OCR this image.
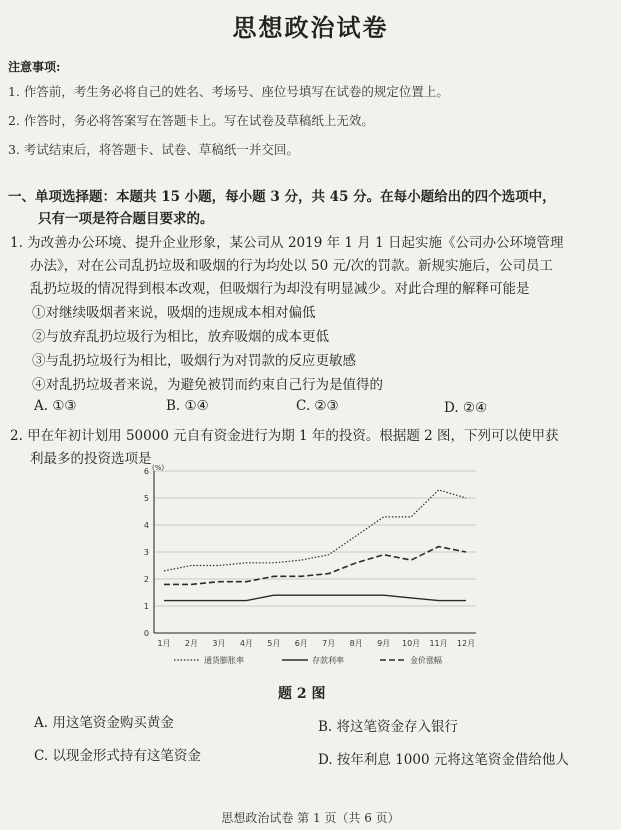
思想政治试卷
注意事项:
1. 作答前，考生务必将自己的姓名、考场号、座位号填写在试卷的规定位置上。
2. 作答时，务必将答案写在答题卡上。写在试卷及草稿纸上无效。
3. 考试结束后，将答题卡、试卷、草稿纸一并交回。
一、单项选择题：本题共 15 小题，每小题 3 分，共 45 分。在每小题给出的四个选项中，
只有一项是符合题目要求的。
1. 为改善办公环境、提升企业形象，某公司从 2019 年 1 月 1 日起实施《公司办公环境管理
办法》，对在公司乱扔垃圾和吸烟的行为均处以 50 元/次的罚款。新规实施后，公司员工
乱扔垃圾的情况得到根本改观，但吸烟行为却没有明显减少。对此合理的解释可能是
①对继续吸烟者来说，吸烟的违规成本相对偏低
②与放弃乱扔垃圾行为相比，放弃吸烟的成本更低
③与乱扔垃圾行为相比，吸烟行为对罚款的反应更敏感
④对乱扔垃圾者来说，为避免被罚而约束自己行为是值得的
A. ①③	B. ①④	C. ②③	D. ②④
2. 甲在年初计划用 50000 元自有资金进行为期 1 年的投资。根据题 2 图，下列可以使甲获
利最多的投资选项是
0
1
2
3
4
5
6 (%)
1月 2月 3月 4月 5月 6月 7月 8月 9月 10月 11月 12月
通货膨胀率	存款利率	金价涨幅
题 2 图
A. 用这笔资金购买黄金	B. 将这笔资金存入银行
C. 以现金形式持有这笔资金	D. 按年利息 1000 元将这笔资金借给他人
思想政治试卷 第 1 页（共 6 页）
